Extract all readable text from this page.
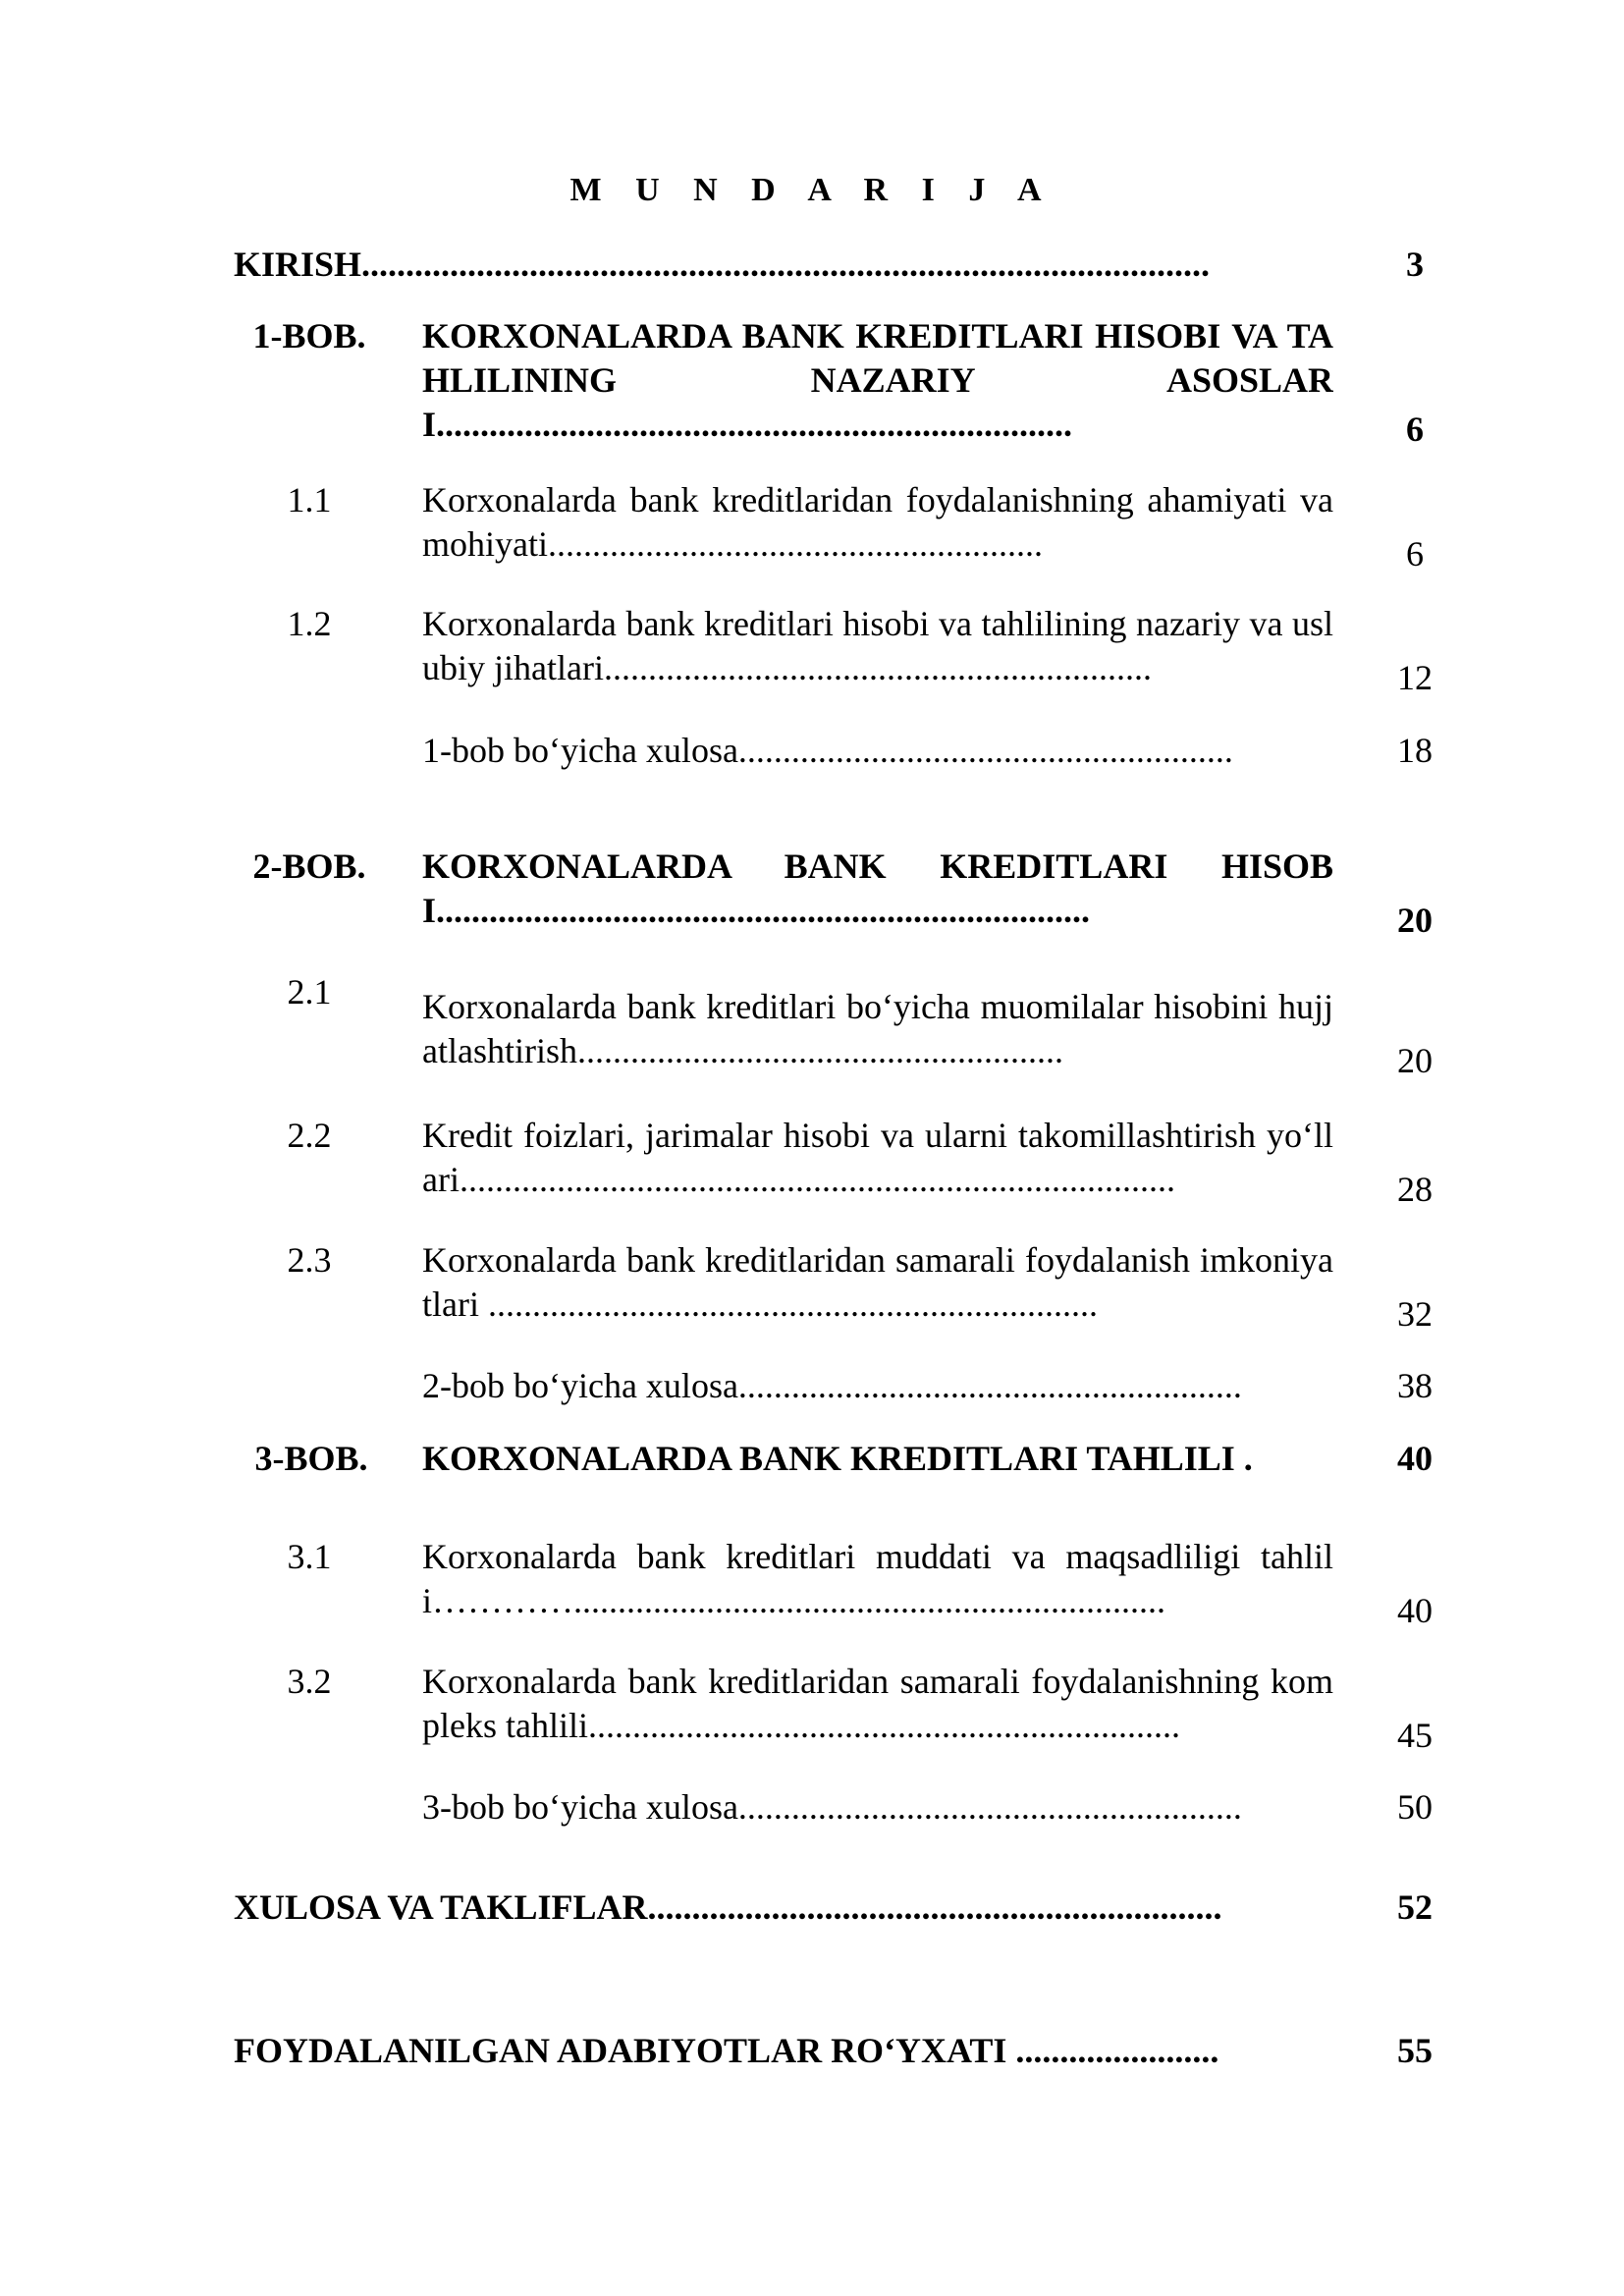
M U N D A R I J A
KIRISH................................................................................................	3
1-BOB. KORXONALARDA BANK KREDITLARI HISOBI VA TAHLILINING NAZARIY ASOSLARI........................................................................	6
1.1	Korxonalarda bank kreditlaridan foydalanishning ahamiyati va mohiyati........................................................	6
1.2	Korxonalarda bank kreditlari hisobi va tahlilining nazariy va uslubiy jihatlari..............................................................	12
1-bob bo‘yicha xulosa........................................................	18
2-BOB. KORXONALARDA BANK KREDITLARI HISOBI..........................................................................	20
2.1	Korxonalarda bank kreditlari bo‘yicha muomilalar hisobini hujjatlashtirish.......................................................	20
2.2	Kredit foizlari, jarimalar hisobi va ularni takomillashtirish yo‘llari.................................................................................	28
2.3	Korxonalarda bank kreditlaridan samarali foydalanish imkoniyatlari .....................................................................	32
2-bob bo‘yicha xulosa.........................................................	38
3-BOB. KORXONALARDA BANK KREDITLARI TAHLILI .	40
3.1	Korxonalarda bank kreditlari muddati va maqsadliligi tahlili…………...................................................................	40
3.2	Korxonalarda bank kreditlaridan samarali foydalanishning kompleks tahlili...................................................................	45
3-bob bo‘yicha xulosa.........................................................	50
XULOSA VA TAKLIFLAR.................................................................	52
FOYDALANILGAN ADABIYOTLAR RO‘YXATI .......................	55
